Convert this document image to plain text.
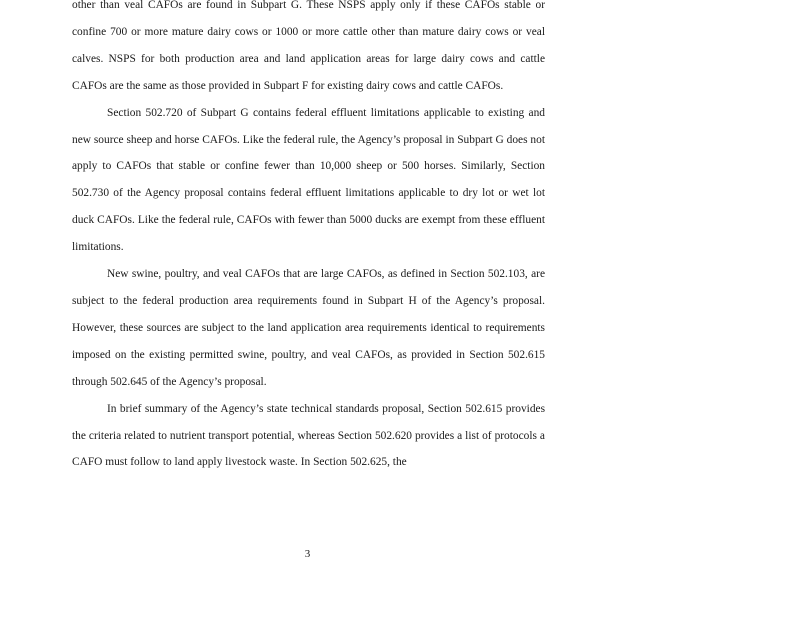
other than veal CAFOs are found in Subpart G. These NSPS apply only if these CAFOs stable or confine 700 or more mature dairy cows or 1000 or more cattle other than mature dairy cows or veal calves. NSPS for both production area and land application areas for large dairy cows and cattle CAFOs are the same as those provided in Subpart F for existing dairy cows and cattle CAFOs.

Section 502.720 of Subpart G contains federal effluent limitations applicable to existing and new source sheep and horse CAFOs. Like the federal rule, the Agency’s proposal in Subpart G does not apply to CAFOs that stable or confine fewer than 10,000 sheep or 500 horses. Similarly, Section 502.730 of the Agency proposal contains federal effluent limitations applicable to dry lot or wet lot duck CAFOs. Like the federal rule, CAFOs with fewer than 5000 ducks are exempt from these effluent limitations.

New swine, poultry, and veal CAFOs that are large CAFOs, as defined in Section 502.103, are subject to the federal production area requirements found in Subpart H of the Agency’s proposal. However, these sources are subject to the land application area requirements identical to requirements imposed on the existing permitted swine, poultry, and veal CAFOs, as provided in Section 502.615 through 502.645 of the Agency’s proposal.

In brief summary of the Agency’s state technical standards proposal, Section 502.615 provides the criteria related to nutrient transport potential, whereas Section 502.620 provides a list of protocols a CAFO must follow to land apply livestock waste. In Section 502.625, the

3
